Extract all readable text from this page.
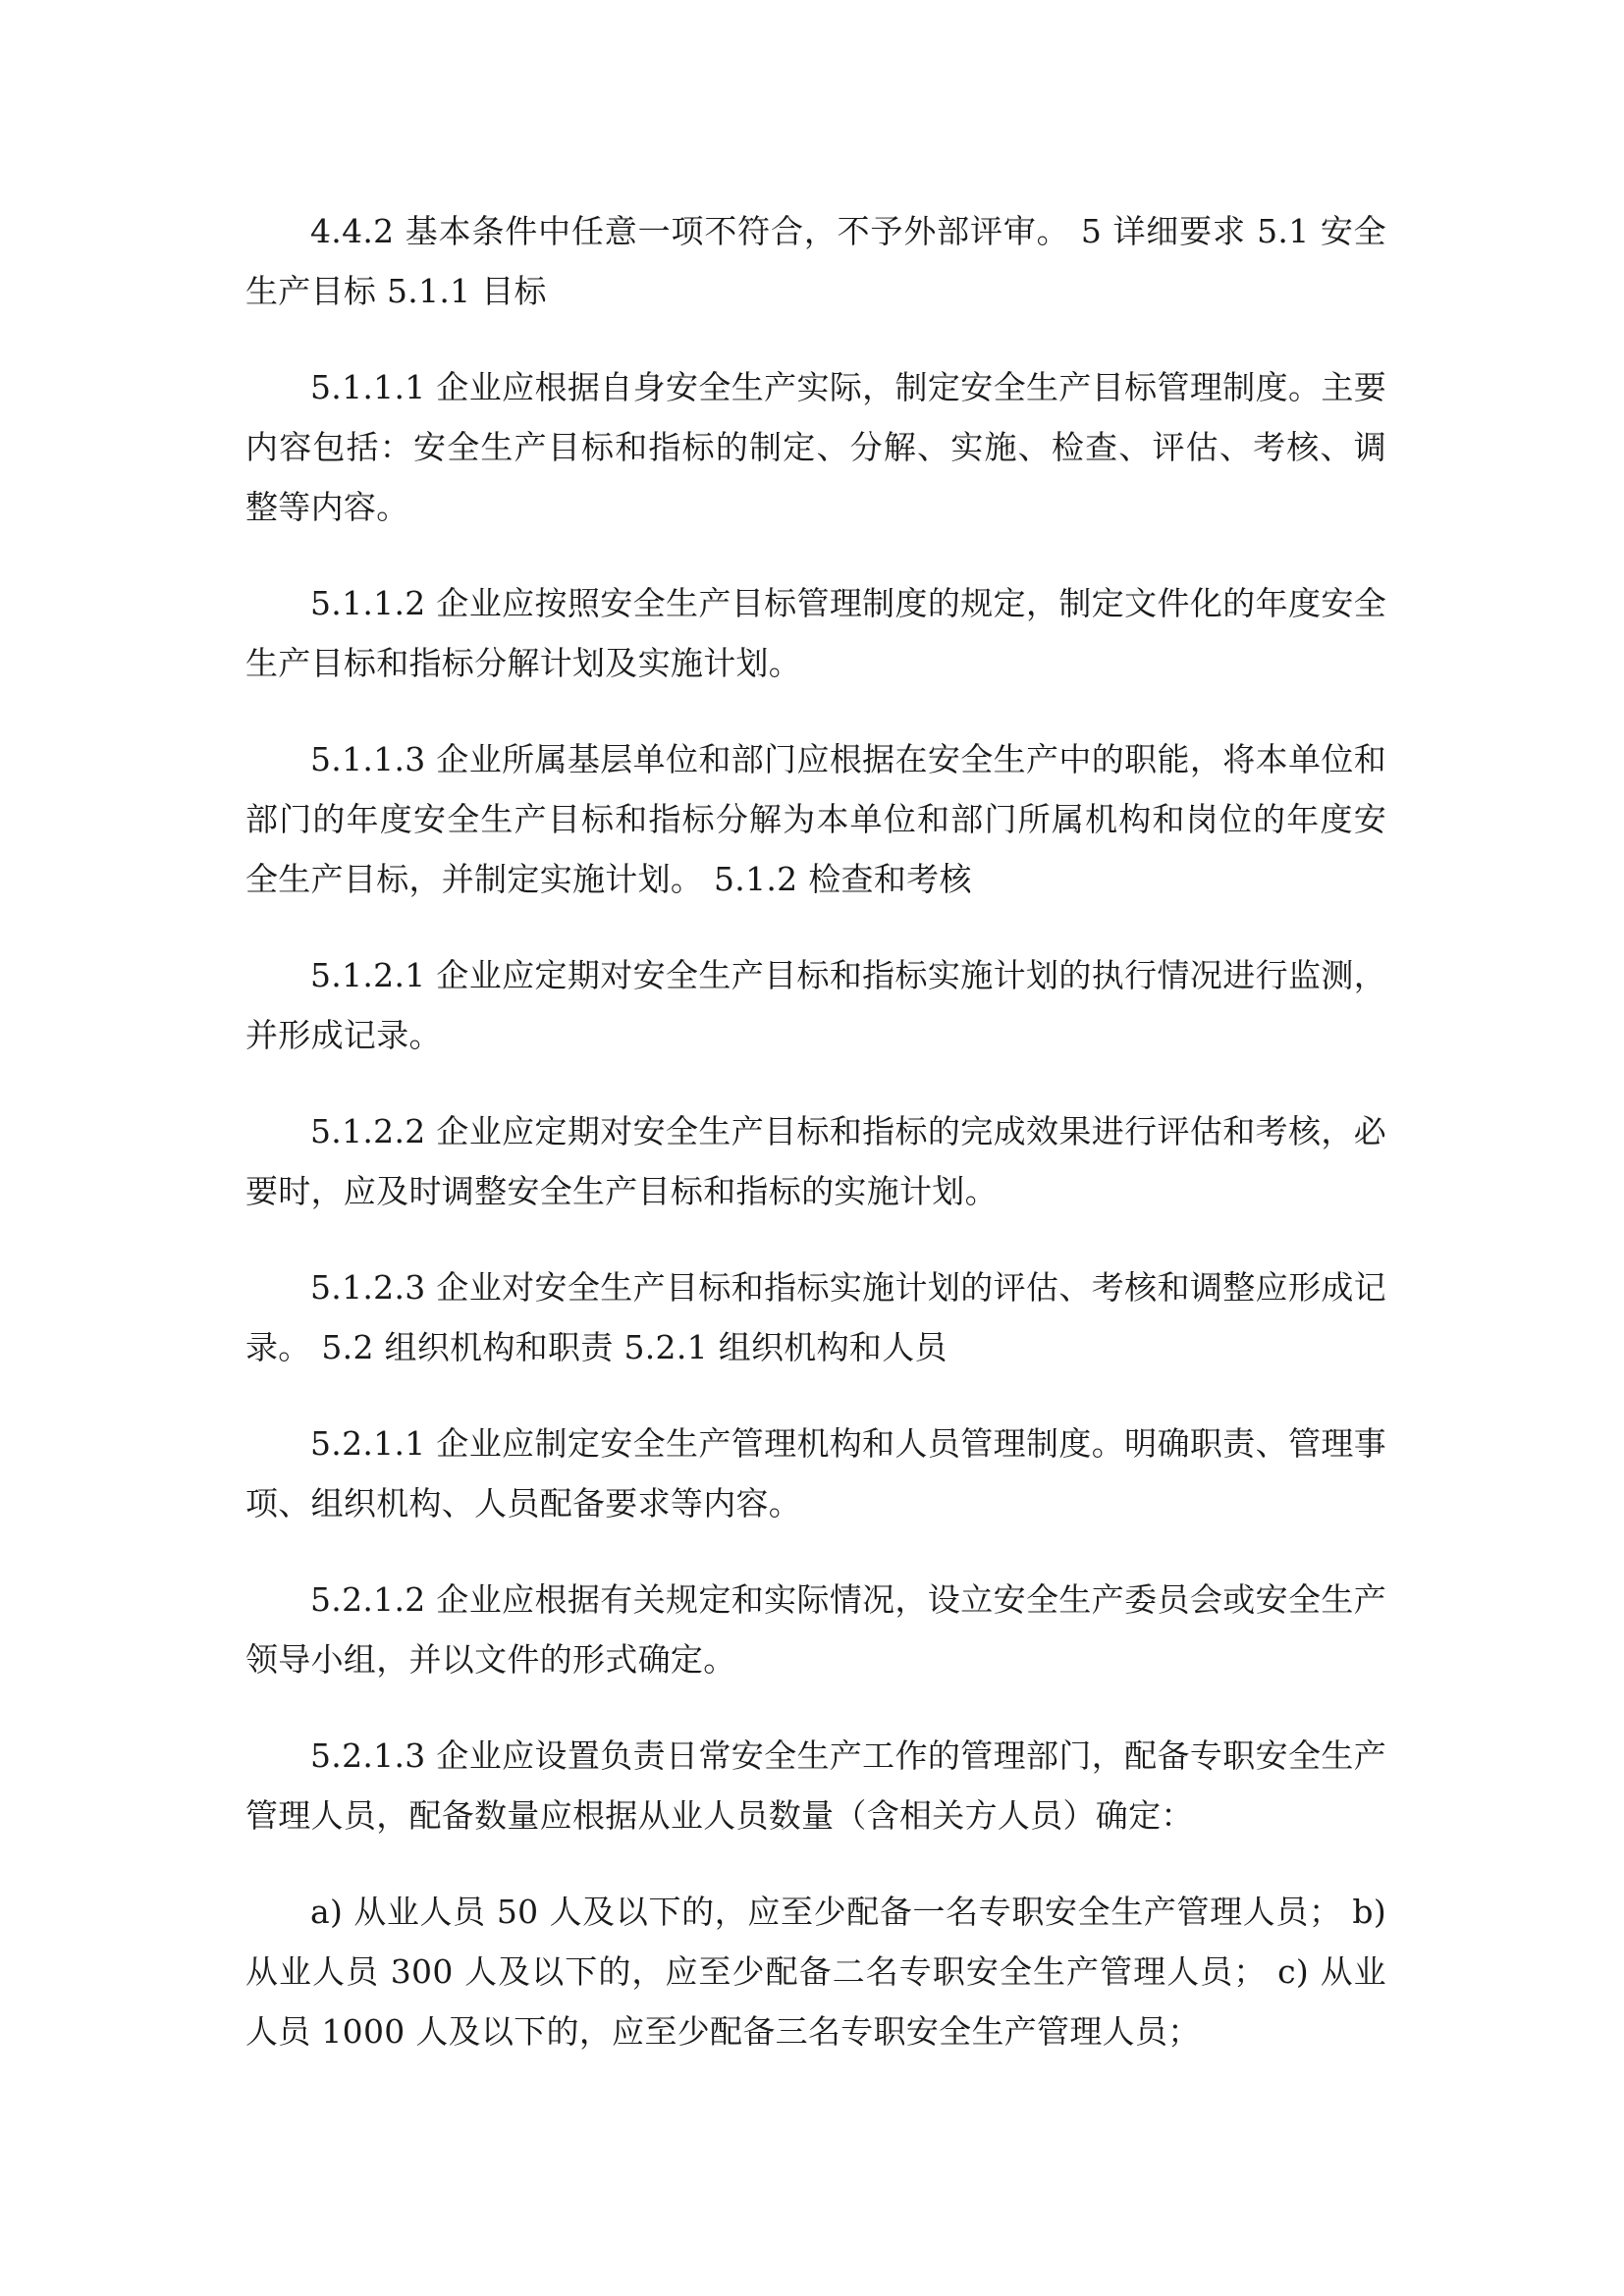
4.4.2 基本条件中任意一项不符合，不予外部评审。 5 详细要求 5.1 安全生产目标 5.1.1 目标

5.1.1.1 企业应根据自身安全生产实际，制定安全生产目标管理制度。主要内容包括：安全生产目标和指标的制定、分解、实施、检查、评估、考核、调整等内容。

5.1.1.2 企业应按照安全生产目标管理制度的规定，制定文件化的年度安全生产目标和指标分解计划及实施计划。

5.1.1.3 企业所属基层单位和部门应根据在安全生产中的职能，将本单位和部门的年度安全生产目标和指标分解为本单位和部门所属机构和岗位的年度安全生产目标，并制定实施计划。 5.1.2 检查和考核

5.1.2.1 企业应定期对安全生产目标和指标实施计划的执行情况进行监测，并形成记录。

5.1.2.2 企业应定期对安全生产目标和指标的完成效果进行评估和考核，必要时，应及时调整安全生产目标和指标的实施计划。

5.1.2.3 企业对安全生产目标和指标实施计划的评估、考核和调整应形成记录。 5.2 组织机构和职责 5.2.1 组织机构和人员

5.2.1.1 企业应制定安全生产管理机构和人员管理制度。明确职责、管理事项、组织机构、人员配备要求等内容。

5.2.1.2 企业应根据有关规定和实际情况，设立安全生产委员会或安全生产领导小组，并以文件的形式确定。

5.2.1.3 企业应设置负责日常安全生产工作的管理部门，配备专职安全生产管理人员，配备数量应根据从业人员数量（含相关方人员）确定：

a) 从业人员 50 人及以下的，应至少配备一名专职安全生产管理人员； b) 从业人员 300 人及以下的，应至少配备二名专职安全生产管理人员； c) 从业人员 1000 人及以下的，应至少配备三名专职安全生产管理人员；
